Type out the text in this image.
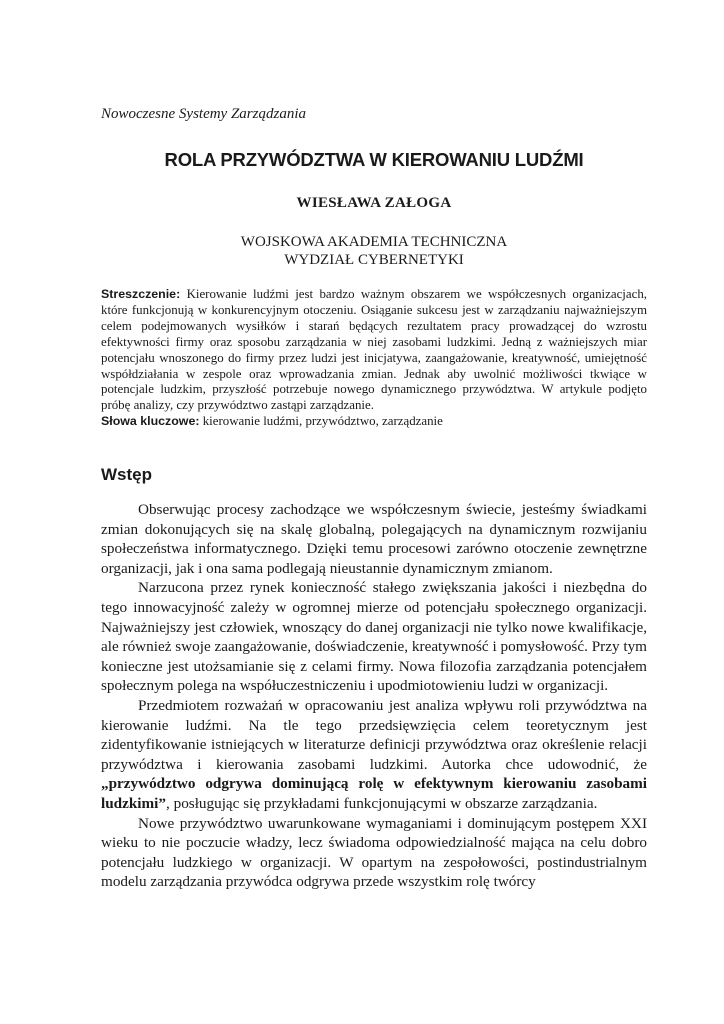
Nowoczesne Systemy Zarządzania
ROLA PRZYWÓDZTWA W KIEROWANIU LUDŹMI
WIESŁAWA ZAŁOGA
WOJSKOWA AKADEMIA TECHNICZNA
WYDZIAŁ CYBERNETYKI
Streszczenie: Kierowanie ludźmi jest bardzo ważnym obszarem we współczesnych organizacjach, które funkcjonują w konkurencyjnym otoczeniu. Osiąganie sukcesu jest w zarządzaniu najważniejszym celem podejmowanych wysiłków i starań będących rezultatem pracy prowadzącej do wzrostu efektywności firmy oraz sposobu zarządzania w niej zasobami ludzkimi. Jedną z ważniejszych miar potencjału wnoszonego do firmy przez ludzi jest inicjatywa, zaangażowanie, kreatywność, umiejętność współdziałania w zespole oraz wprowadzania zmian. Jednak aby uwolnić możliwości tkwiące w potencjale ludzkim, przyszłość potrzebuje nowego dynamicznego przywództwa. W artykule podjęto próbę analizy, czy przywództwo zastąpi zarządzanie.
Słowa kluczowe: kierowanie ludźmi, przywództwo, zarządzanie
Wstęp

Obserwując procesy zachodzące we współczesnym świecie, jesteśmy świadkami zmian dokonujących się na skalę globalną, polegających na dynamicznym rozwijaniu społeczeństwa informatycznego. Dzięki temu procesowi zarówno otoczenie zewnętrzne organizacji, jak i ona sama podlegają nieustannie dynamicznym zmianom.

Narzucona przez rynek konieczność stałego zwiększania jakości i niezbędna do tego innowacyjność zależy w ogromnej mierze od potencjału społecznego organizacji. Najważniejszy jest człowiek, wnoszący do danej organizacji nie tylko nowe kwalifikacje, ale również swoje zaangażowanie, doświadczenie, kreatywność i pomysłowość. Przy tym konieczne jest utożsamianie się z celami firmy. Nowa filozofia zarządzania potencjałem społecznym polega na współuczestniczeniu i upodmiotowieniu ludzi w organizacji.

Przedmiotem rozważań w opracowaniu jest analiza wpływu roli przywództwa na kierowanie ludźmi. Na tle tego przedsięwzięcia celem teoretycznym jest zidentyfikowanie istniejących w literaturze definicji przywództwa oraz określenie relacji przywództwa i kierowania zasobami ludzkimi. Autorka chce udowodnić, że „przywództwo odgrywa dominującą rolę w efektywnym kierowaniu zasobami ludzkimi”, posługując się przykładami funkcjonującymi w obszarze zarządzania.

Nowe przywództwo uwarunkowane wymaganiami i dominującym postępem XXI wieku to nie poczucie władzy, lecz świadoma odpowiedzialność mająca na celu dobro potencjału ludzkiego w organizacji. W opartym na zespołowości, postindustrialnym modelu zarządzania przywódca odgrywa przede wszystkim rolę twórcy
